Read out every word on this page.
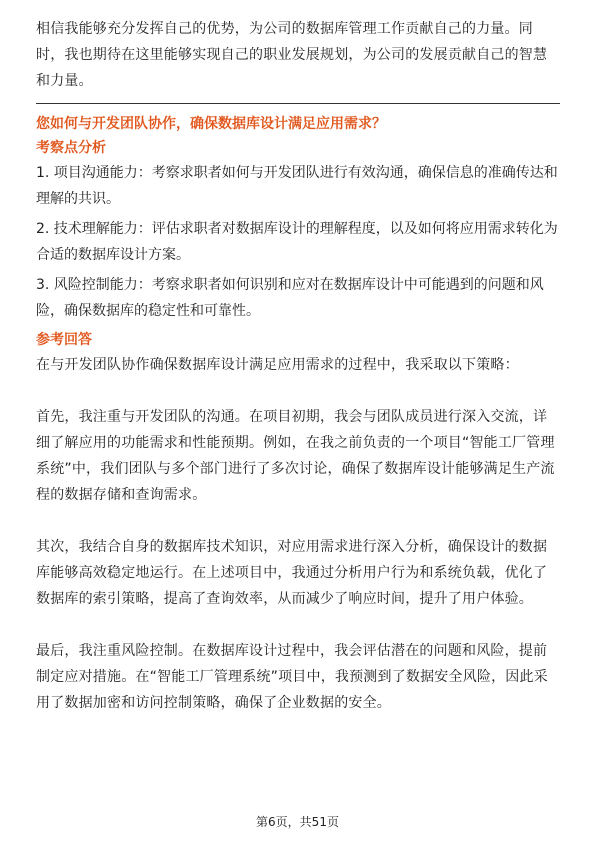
相信我能够充分发挥自己的优势，为公司的数据库管理工作贡献自己的力量。同时，我也期待在这里能够实现自己的职业发展规划，为公司的发展贡献自己的智慧和力量。

您如何与开发团队协作，确保数据库设计满足应用需求？

考察点分析

1. 项目沟通能力：考察求职者如何与开发团队进行有效沟通，确保信息的准确传达和理解的共识。
2. 技术理解能力：评估求职者对数据库设计的理解程度，以及如何将应用需求转化为合适的数据库设计方案。
3. 风险控制能力：考察求职者如何识别和应对在数据库设计中可能遇到的问题和风险，确保数据库的稳定性和可靠性。

参考回答

在与开发团队协作确保数据库设计满足应用需求的过程中，我采取以下策略：

首先，我注重与开发团队的沟通。在项目初期，我会与团队成员进行深入交流，详细了解应用的功能需求和性能预期。例如，在我之前负责的一个项目“智能工厂管理系统”中，我们团队与多个部门进行了多次讨论，确保了数据库设计能够满足生产流程的数据存储和查询需求。

其次，我结合自身的数据库技术知识，对应用需求进行深入分析，确保设计的数据库能够高效稳定地运行。在上述项目中，我通过分析用户行为和系统负载，优化了数据库的索引策略，提高了查询效率，从而减少了响应时间，提升了用户体验。

最后，我注重风险控制。在数据库设计过程中，我会评估潜在的问题和风险，提前制定应对措施。在“智能工厂管理系统”项目中，我预测到了数据安全风险，因此采用了数据加密和访问控制策略，确保了企业数据的安全。

第6页，共51页
